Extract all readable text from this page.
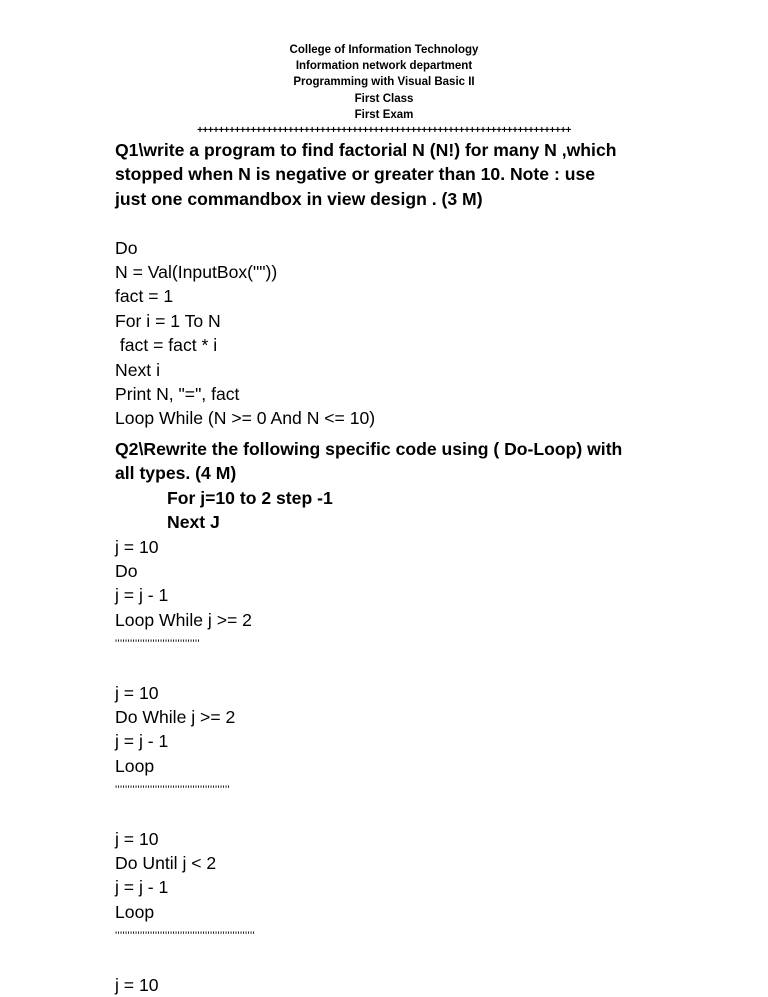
College of Information Technology
Information network department
Programming with Visual Basic II
First Class
First Exam
++++++++++++++++++++++++++++++++++++++++++++++++++++++++++++++++++++++
Q1\write a program to find factorial N (N!) for many N ,which
stopped when N is negative or greater than 10. Note : use
just one commandbox in view design . (3 M)
Do
N = Val(InputBox(""))
fact = 1
For i = 1 To N
fact = fact * i
Next i
Print N, "=", fact
Loop While (N >= 0 And N <= 10)
Q2\Rewrite the following specific code using ( Do-Loop) with
all types. (4 M)
For j=10 to 2 step -1
Next J
j = 10
Do
j = j - 1
Loop While j >= 2
''''''''''''''''''''''''''''''''''
j = 10
Do While j >= 2
j = j - 1
Loop
''''''''''''''''''''''''''''''''''''''''''''''
j = 10
Do Until j < 2
j = j - 1
Loop
''''''''''''''''''''''''''''''''''''''''''''''''''''''''
j = 10
